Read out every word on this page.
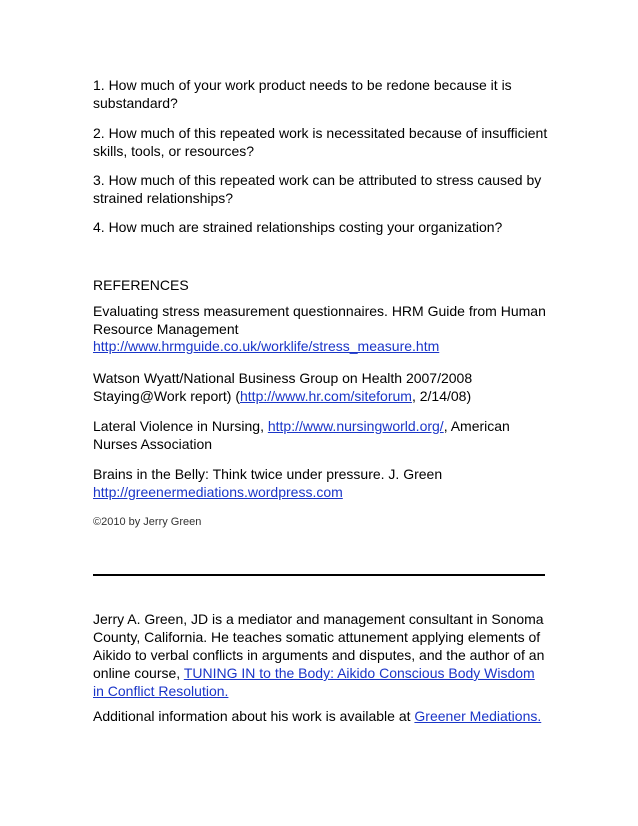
1. How much of your work product needs to be redone because it is substandard?

2. How much of this repeated work is necessitated because of insufficient skills, tools, or resources?

3. How much of this repeated work can be attributed to stress caused by strained relationships?

4. How much are strained relationships costing your organization?

REFERENCES

Evaluating stress measurement questionnaires. HRM Guide from Human Resource Management
http://www.hrmguide.co.uk/worklife/stress_measure.htm
Watson Wyatt/National Business Group on Health 2007/2008
Staying@Work report) (http://www.hr.com/siteforum, 2/14/08)
Lateral Violence in Nursing, http://www.nursingworld.org/, American Nurses Association
Brains in the Belly: Think twice under pressure. J. Green
http://greenermediations.wordpress.com

©2010 by Jerry Green

Jerry A. Green, JD is a mediator and management consultant in Sonoma County, California. He teaches somatic attunement applying elements of Aikido to verbal conflicts in arguments and disputes, and the author of an online course, TUNING IN to the Body: Aikido Conscious Body Wisdom in Conflict Resolution.

Additional information about his work is available at Greener Mediations.
